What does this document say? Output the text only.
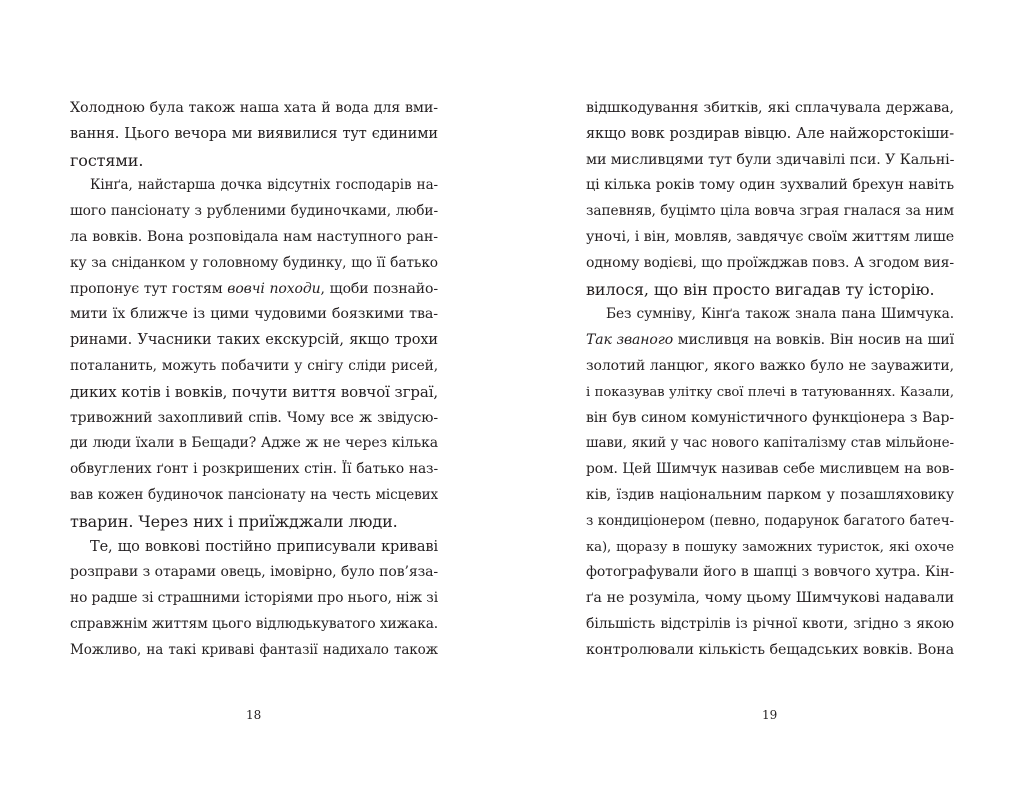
Холодною була також наша хата й вода для вми-
вання. Цього вечора ми виявилися тут єдиними
гостями.
Кінґа, найстарша дочка відсутніх господарів на-
шого пансіонату з рубленими будиночками, люби-
ла вовків. Вона розповідала нам наступного ран-
ку за сніданком у головному будинку, що її батько
пропонує тут гостям вовчі походи, щоби познайо-
мити їх ближче із цими чудовими боязкими тва-
ринами. Учасники таких екскурсій, якщо трохи
поталанить, можуть побачити у снігу сліди рисей,
диких котів і вовків, почути виття вовчої зграї,
тривожний захопливий спів. Чому все ж звідусю-
ди люди їхали в Бещади? Адже ж не через кілька
обвуглених ґонт і розкришених стін. Її батько наз-
вав кожен будиночок пансіонату на честь місцевих
тварин. Через них і приїжджали люди.
Те, що вовкові постійно приписували криваві
розправи з отарами овець, імовірно, було пов’яза-
но радше зі страшними історіями про нього, ніж зі
справжнім життям цього відлюдькуватого хижака.
Можливо, на такі криваві фантазії надихало також
18
відшкодування збитків, які сплачувала держава,
якщо вовк роздирав вівцю. Але найжорстокіши-
ми мисливцями тут були здичавілі пси. У Кальні-
ці кілька років тому один зухвалий брехун навіть
запевняв, буцімто ціла вовча зграя гналася за ним
уночі, і він, мовляв, завдячує своїм життям лише
одному водієві, що проїжджав повз. А згодом вия-
вилося, що він просто вигадав ту історію.
Без сумніву, Кінґа також знала пана Шимчука.
Так званого мисливця на вовків. Він носив на шиї
золотий ланцюг, якого важко було не зауважити,
і показував улітку свої плечі в татуюваннях. Казали,
він був сином комуністичного функціонера з Вар-
шави, який у час нового капіталізму став мільйоне-
ром. Цей Шимчук називав себе мисливцем на вов-
ків, їздив національним парком у позашляховику
з кондиціонером (певно, подарунок багатого батеч-
ка), щоразу в пошуку заможних туристок, які охоче
фотографували його в шапці з вовчого хутра. Кін-
ґа не розуміла, чому цьому Шимчукові надавали
більшість відстрілів із річної квоти, згідно з якою
контролювали кількість бещадських вовків. Вона
19
